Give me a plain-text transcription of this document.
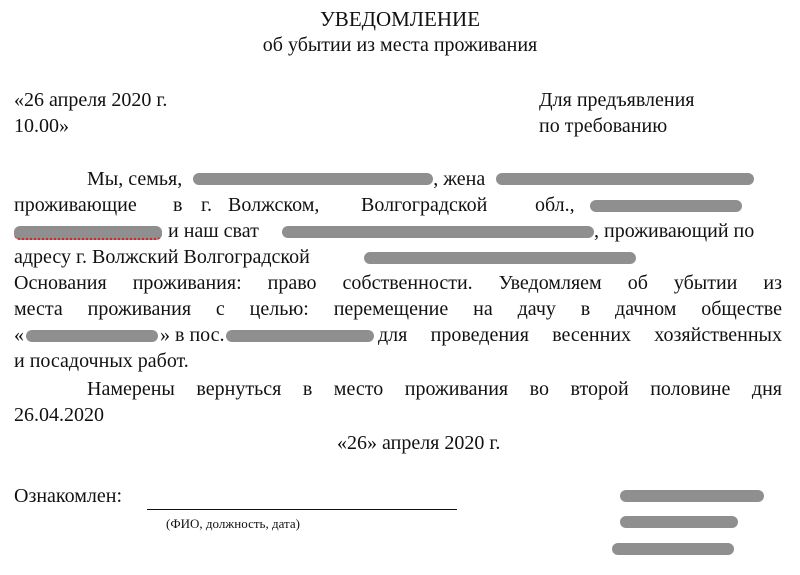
УВЕДОМЛЕНИЕ
об убытии из места проживания
«26 апреля 2020 г.
10.00»
Для предъявления
по требованию
Мы, семья,	, жена
проживающие в г. Волжском, Волгоградской обл.,
и наш сват	, проживающий по
адресу г. Волжский Волгоградской
Основания проживания: право собственности. Уведомляем об убытии из
места проживания с целью: перемещение на дачу в дачном обществе
«	» в пос.	для проведения весенних хозяйственных
и посадочных работ.
Намерены вернуться в место проживания во второй половине дня
26.04.2020
«26» апреля 2020 г.
Ознакомлен:
(ФИО, должность, дата)
